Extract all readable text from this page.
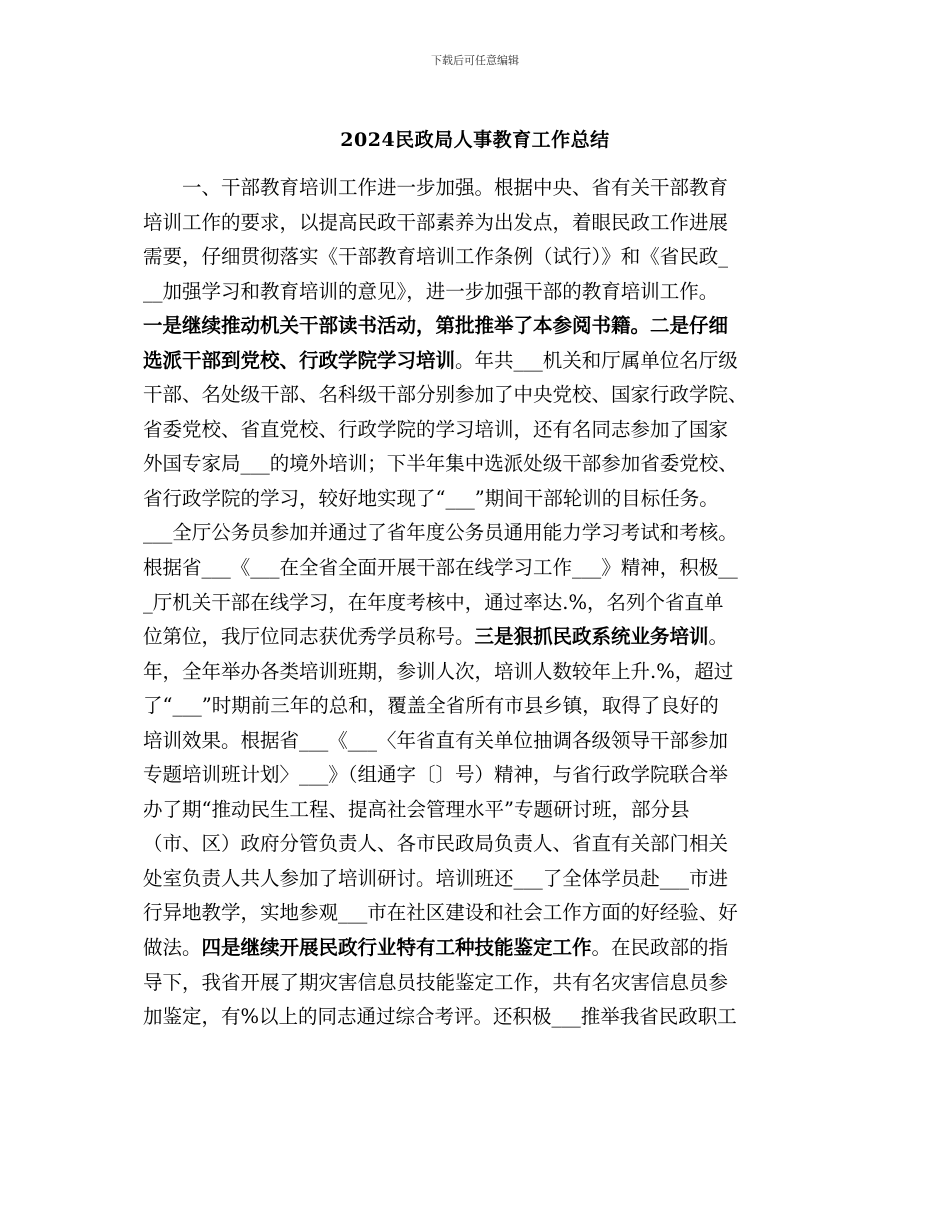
下载后可任意编辑
2024民政局人事教育工作总结
一、干部教育培训工作进一步加强。根据中央、省有关干部教育
培训工作的要求，以提高民政干部素养为出发点，着眼民政工作进展
需要，仔细贯彻落实《干部教育培训工作条例（试行）》和《省民政_
__加强学习和教育培训的意见》，进一步加强干部的教育培训工作。
一是继续推动机关干部读书活动，第批推举了本参阅书籍。二是仔细
选派干部到党校、行政学院学习培训。年共___机关和厅属单位名厅级
干部、名处级干部、名科级干部分别参加了中央党校、国家行政学院、
省委党校、省直党校、行政学院的学习培训，还有名同志参加了国家
外国专家局___的境外培训；下半年集中选派处级干部参加省委党校、
省行政学院的学习，较好地实现了“___”期间干部轮训的目标任务。
___全厅公务员参加并通过了省年度公务员通用能力学习考试和考核。
根据省___《___在全省全面开展干部在线学习工作___》精神，积极__
_厅机关干部在线学习，在年度考核中，通过率达.%，名列个省直单
位第位，我厅位同志获优秀学员称号。三是狠抓民政系统业务培训。
年，全年举办各类培训班期，参训人次，培训人数较年上升.%，超过
了“___”时期前三年的总和，覆盖全省所有市县乡镇，取得了良好的
培训效果。根据省___《___〈年省直有关单位抽调各级领导干部参加
专题培训班计划〉___》（组通字〔〕号）精神，与省行政学院联合举
办了期“推动民生工程、提高社会管理水平”专题研讨班，部分县
（市、区）政府分管负责人、各市民政局负责人、省直有关部门相关
处室负责人共人参加了培训研讨。培训班还___了全体学员赴___市进
行异地教学，实地参观___市在社区建设和社会工作方面的好经验、好
做法。四是继续开展民政行业特有工种技能鉴定工作。在民政部的指
导下，我省开展了期灾害信息员技能鉴定工作，共有名灾害信息员参
加鉴定，有%以上的同志通过综合考评。还积极___推举我省民政职工
